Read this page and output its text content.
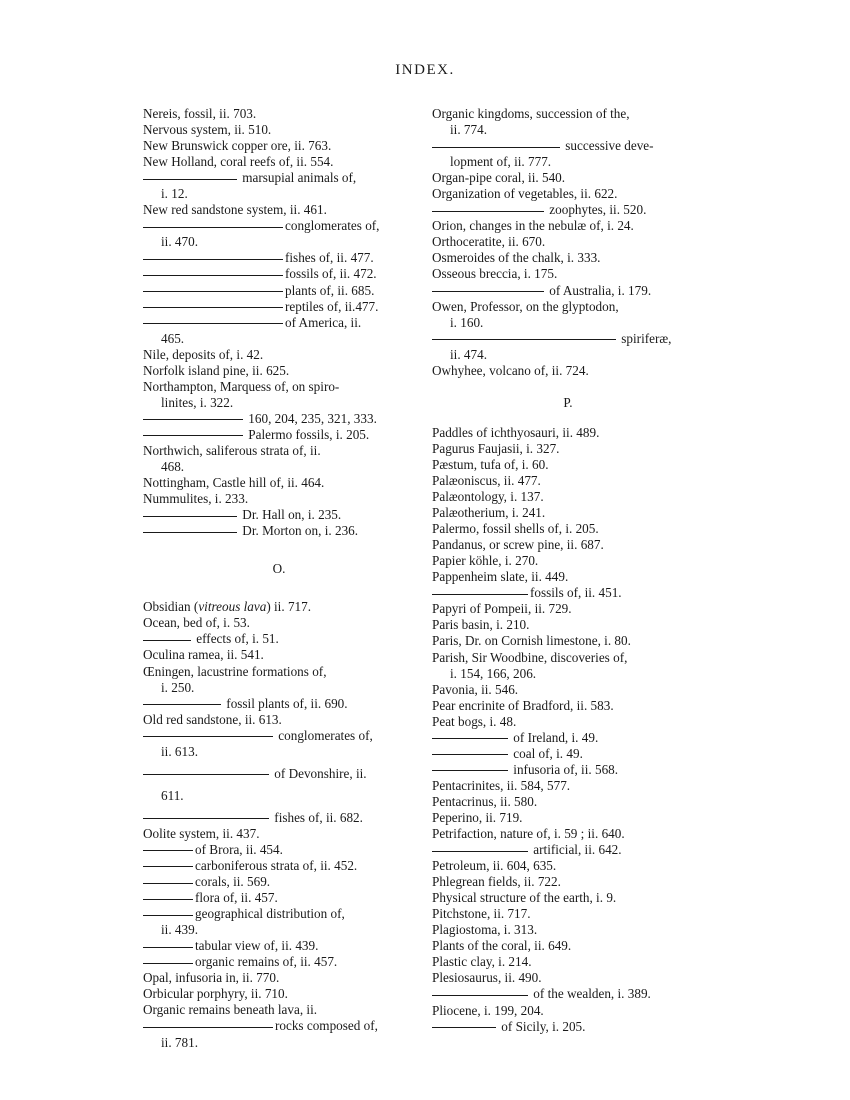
INDEX.
Nereis, fossil, ii. 703.
Nervous system, ii. 510.
New Brunswick copper ore, ii. 763.
New Holland, coral reefs of, ii. 554.
marsupial animals of,
i. 12.
New red sandstone system, ii. 461.
conglomerates of,
ii. 470.
fishes of, ii. 477.
fossils of, ii. 472.
plants of, ii. 685.
reptiles of, ii.477.
of America, ii.
465.
Nile, deposits of, i. 42.
Norfolk island pine, ii. 625.
Northampton, Marquess of, on spiro-
linites, i. 322.
160, 204, 235, 321, 333.
Palermo fossils, i. 205.
Northwich, saliferous strata of, ii.
468.
Nottingham, Castle hill of, ii. 464.
Nummulites, i. 233.
Dr. Hall on, i. 235.
Dr. Morton on, i. 236.
O.
Obsidian (vitreous lava) ii. 717.
Ocean, bed of, i. 53.
effects of, i. 51.
Oculina ramea, ii. 541.
Œningen, lacustrine formations of,
i. 250.
fossil plants of, ii. 690.
Old red sandstone, ii. 613.
conglomerates of,
ii. 613.
of Devonshire, ii.
611.
fishes of, ii. 682.
Oolite system, ii. 437.
of Brora, ii. 454.
carboniferous strata of, ii. 452.
corals, ii. 569.
flora of, ii. 457.
geographical distribution of,
ii. 439.
tabular view of, ii. 439.
organic remains of, ii. 457.
Opal, infusoria in, ii. 770.
Orbicular porphyry, ii. 710.
Organic remains beneath lava, ii.
rocks composed of,
ii. 781.
Organic kingdoms, succession of the,
ii. 774.
successive deve-
lopment of, ii. 777.
Organ-pipe coral, ii. 540.
Organization of vegetables, ii. 622.
zoophytes, ii. 520.
Orion, changes in the nebulæ of, i. 24.
Orthoceratite, ii. 670.
Osmeroides of the chalk, i. 333.
Osseous breccia, i. 175.
of Australia, i. 179.
Owen, Professor, on the glyptodon,
i. 160.
spiriferæ,
ii. 474.
Owhyhee, volcano of, ii. 724.
P.
Paddles of ichthyosauri, ii. 489.
Pagurus Faujasii, i. 327.
Pæstum, tufa of, i. 60.
Palæoniscus, ii. 477.
Palæontology, i. 137.
Palæotherium, i. 241.
Palermo, fossil shells of, i. 205.
Pandanus, or screw pine, ii. 687.
Papier köhle, i. 270.
Pappenheim slate, ii. 449.
fossils of, ii. 451.
Papyri of Pompeii, ii. 729.
Paris basin, i. 210.
Paris, Dr. on Cornish limestone, i. 80.
Parish, Sir Woodbine, discoveries of,
i. 154, 166, 206.
Pavonia, ii. 546.
Pear encrinite of Bradford, ii. 583.
Peat bogs, i. 48.
of Ireland, i. 49.
coal of, i. 49.
infusoria of, ii. 568.
Pentacrinites, ii. 584, 577.
Pentacrinus, ii. 580.
Peperino, ii. 719.
Petrifaction, nature of, i. 59 ; ii. 640.
artificial, ii. 642.
Petroleum, ii. 604, 635.
Phlegrean fields, ii. 722.
Physical structure of the earth, i. 9.
Pitchstone, ii. 717.
Plagiostoma, i. 313.
Plants of the coral, ii. 649.
Plastic clay, i. 214.
Plesiosaurus, ii. 490.
of the wealden, i. 389.
Pliocene, i. 199, 204.
of Sicily, i. 205.
